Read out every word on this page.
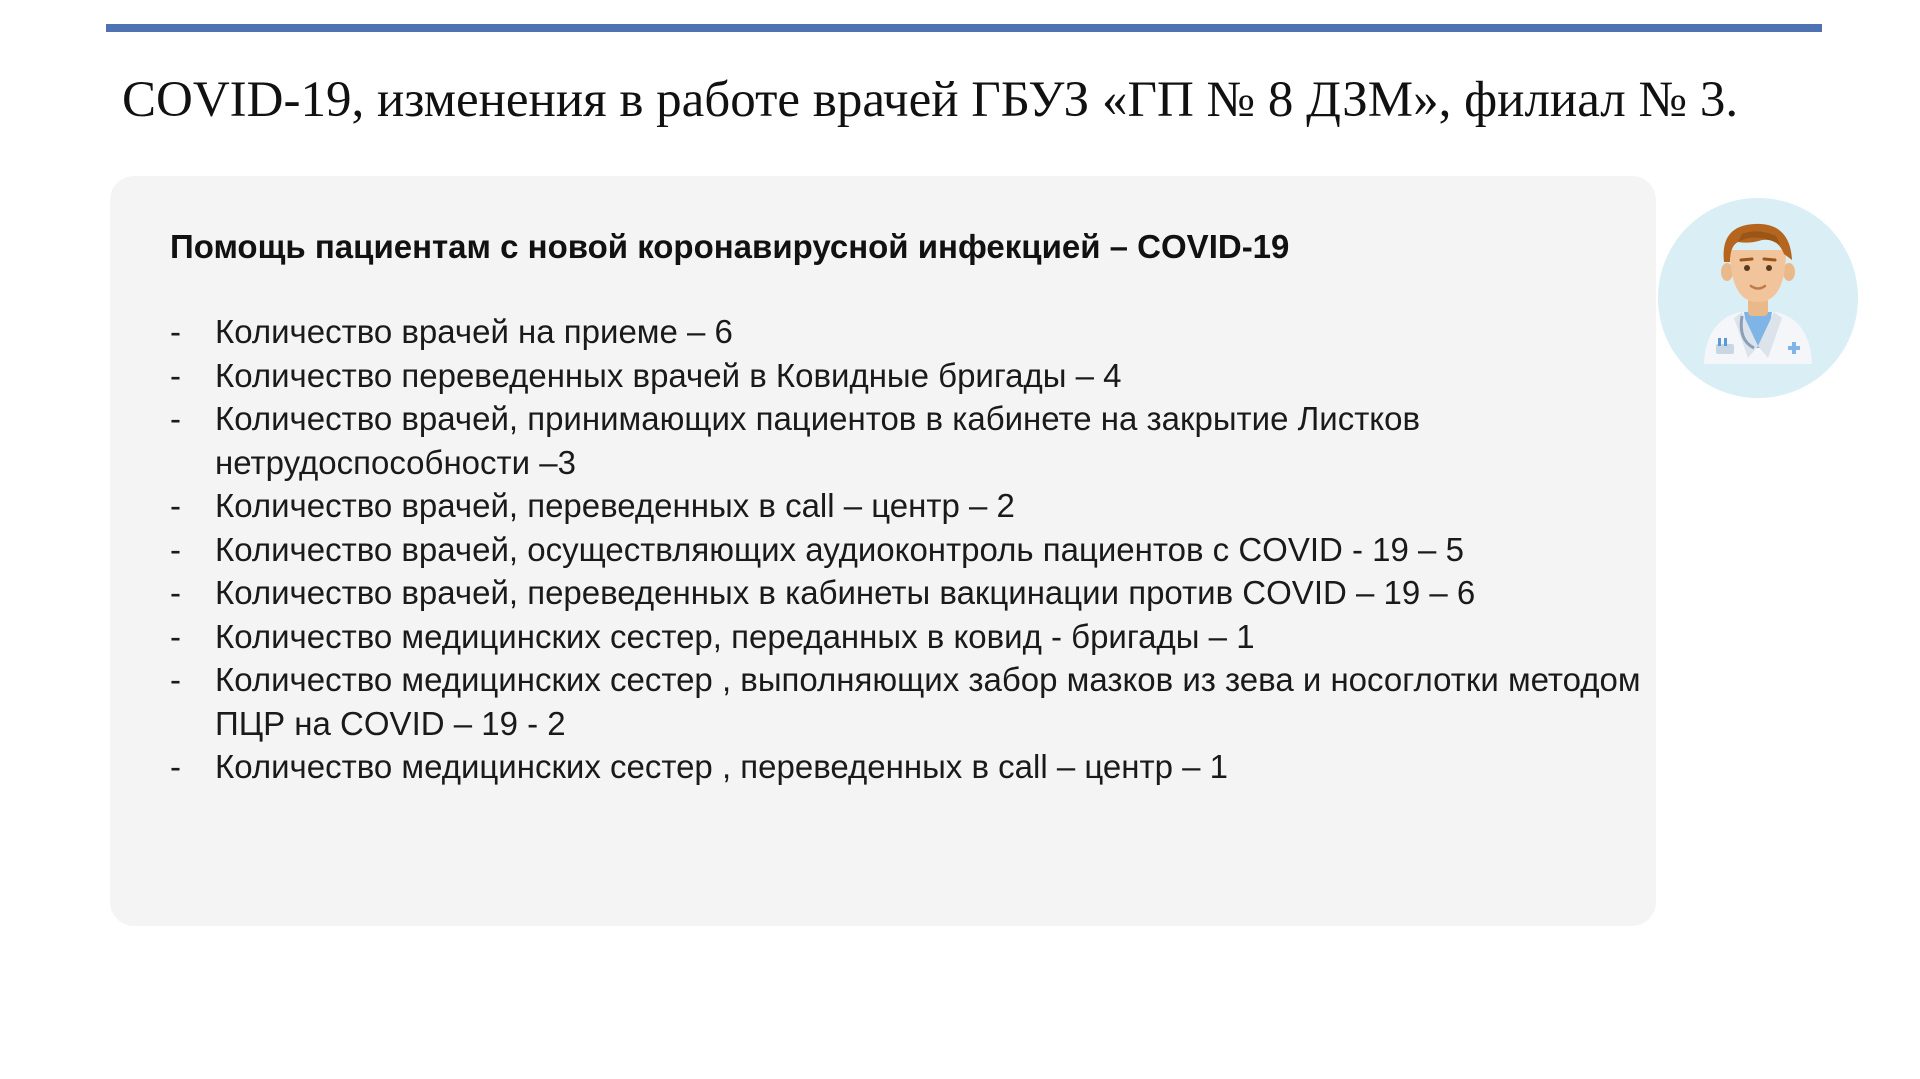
COVID-19, изменения в работе врачей ГБУЗ «ГП № 8 ДЗМ», филиал № 3.
Помощь пациентам с новой коронавирусной инфекцией – COVID-19
-	Количество врачей на приеме – 6
-	Количество переведенных врачей в Ковидные бригады – 4
-	Количество врачей, принимающих пациентов в кабинете на закрытие Листков нетрудоспособности –3
-	Количество врачей, переведенных в call – центр – 2
-	Количество врачей, осуществляющих аудиоконтроль пациентов с COVID - 19 – 5
-	Количество врачей, переведенных в кабинеты вакцинации против COVID – 19 – 6
-	Количество медицинских сестер, переданных в ковид - бригады – 1
-	Количество медицинских сестер , выполняющих забор мазков из зева и носоглотки методом ПЦР на COVID – 19 - 2
-	Количество медицинских сестер , переведенных в call – центр – 1
